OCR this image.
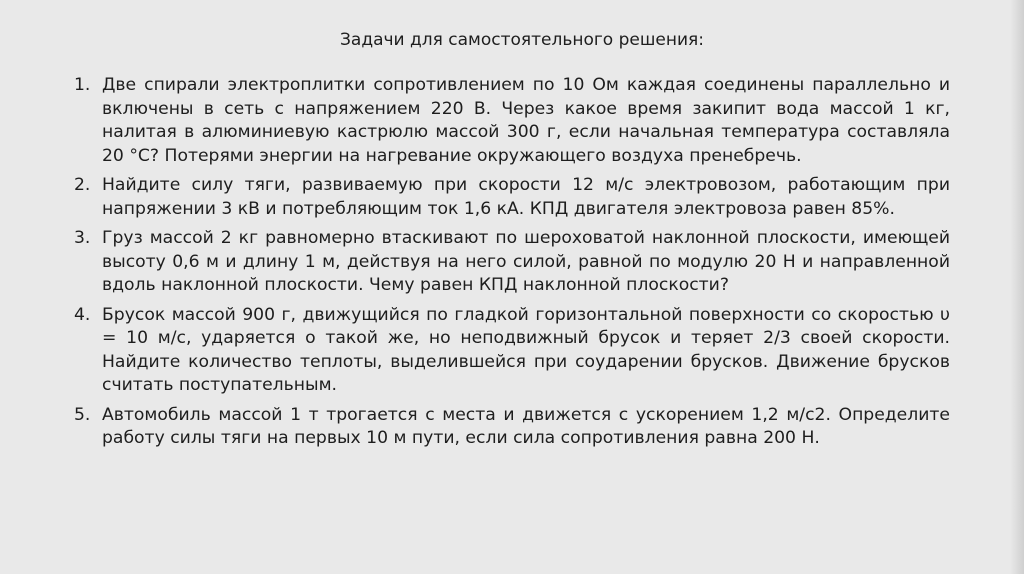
Задачи для самостоятельного решения:
1. Две спирали электроплитки сопротивлением по 10 Ом каждая соединены параллельно и включены в сеть с напряжением 220 В. Через какое время закипит вода массой 1 кг, налитая в алюминиевую кастрюлю массой 300 г, если начальная температура составляла 20 °С? Потерями энергии на нагревание окружающего воздуха пренебречь.
2. Найдите силу тяги, развиваемую при скорости 12 м/с электровозом, работающим при напряжении 3 кВ и потребляющим ток 1,6 кА. КПД двигателя электровоза равен 85%.
3. Груз массой 2 кг равномерно втаскивают по шероховатой наклонной плоскости, имеющей высоту 0,6 м и длину 1 м, действуя на него силой, равной по модулю 20 Н и направленной вдоль наклонной плоскости. Чему равен КПД наклонной плоскости?
4. Брусок массой 900 г, движущийся по гладкой горизонтальной поверхности со скоростью υ = 10 м/с, ударяется о такой же, но неподвижный брусок и теряет 2/3 своей скорости. Найдите количество теплоты, выделившейся при соударении брусков. Движение брусков считать поступательным.
5. Автомобиль массой 1 т трогается с места и движется с ускорением 1,2 м/с2. Определите работу силы тяги на первых 10 м пути, если сила сопротивления равна 200 Н.
